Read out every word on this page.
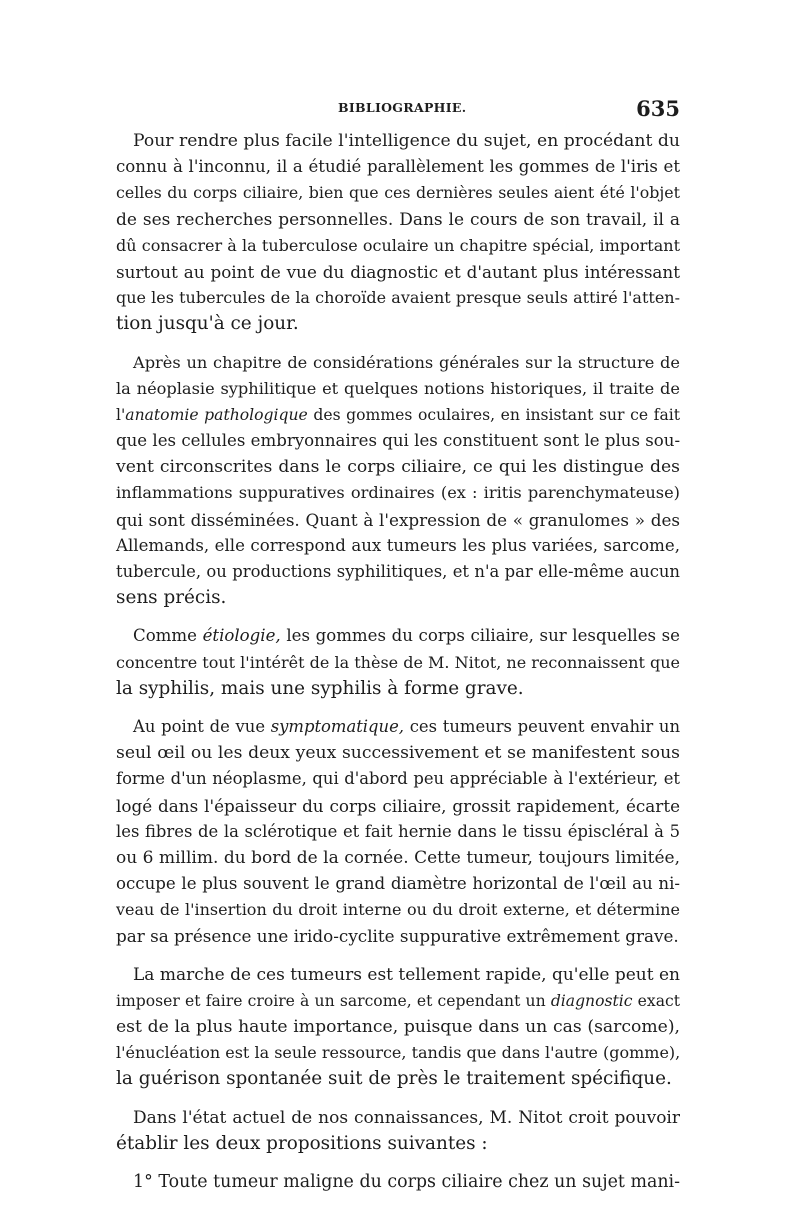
BIBLIOGRAPHIE.	635
Pour rendre plus facile l'intelligence du sujet, en procédant du
connu à l'inconnu, il a étudié parallèlement les gommes de l'iris et
celles du corps ciliaire, bien que ces dernières seules aient été l'objet
de ses recherches personnelles. Dans le cours de son travail, il a
dû consacrer à la tuberculose oculaire un chapitre spécial, important
surtout au point de vue du diagnostic et d'autant plus intéressant
que les tubercules de la choroïde avaient presque seuls attiré l'atten-
tion jusqu'à ce jour.
Après un chapitre de considérations générales sur la structure de
la néoplasie syphilitique et quelques notions historiques, il traite de
l'anatomie pathologique des gommes oculaires, en insistant sur ce fait
que les cellules embryonnaires qui les constituent sont le plus sou-
vent circonscrites dans le corps ciliaire, ce qui les distingue des
inflammations suppuratives ordinaires (ex : iritis parenchymateuse)
qui sont disséminées. Quant à l'expression de « granulomes » des
Allemands, elle correspond aux tumeurs les plus variées, sarcome,
tubercule, ou productions syphilitiques, et n'a par elle-même aucun
sens précis.
Comme étiologie, les gommes du corps ciliaire, sur lesquelles se
concentre tout l'intérêt de la thèse de M. Nitot, ne reconnaissent que
la syphilis, mais une syphilis à forme grave.
Au point de vue symptomatique, ces tumeurs peuvent envahir un
seul œil ou les deux yeux successivement et se manifestent sous
forme d'un néoplasme, qui d'abord peu appréciable à l'extérieur, et
logé dans l'épaisseur du corps ciliaire, grossit rapidement, écarte
les fibres de la sclérotique et fait hernie dans le tissu épiscléral à 5
ou 6 millim. du bord de la cornée. Cette tumeur, toujours limitée,
occupe le plus souvent le grand diamètre horizontal de l'œil au ni-
veau de l'insertion du droit interne ou du droit externe, et détermine
par sa présence une irido-cyclite suppurative extrêmement grave.
La marche de ces tumeurs est tellement rapide, qu'elle peut en
imposer et faire croire à un sarcome, et cependant un diagnostic exact
est de la plus haute importance, puisque dans un cas (sarcome),
l'énucléation est la seule ressource, tandis que dans l'autre (gomme),
la guérison spontanée suit de près le traitement spécifique.
Dans l'état actuel de nos connaissances, M. Nitot croit pouvoir
établir les deux propositions suivantes :
1° Toute tumeur maligne du corps ciliaire chez un sujet mani-
